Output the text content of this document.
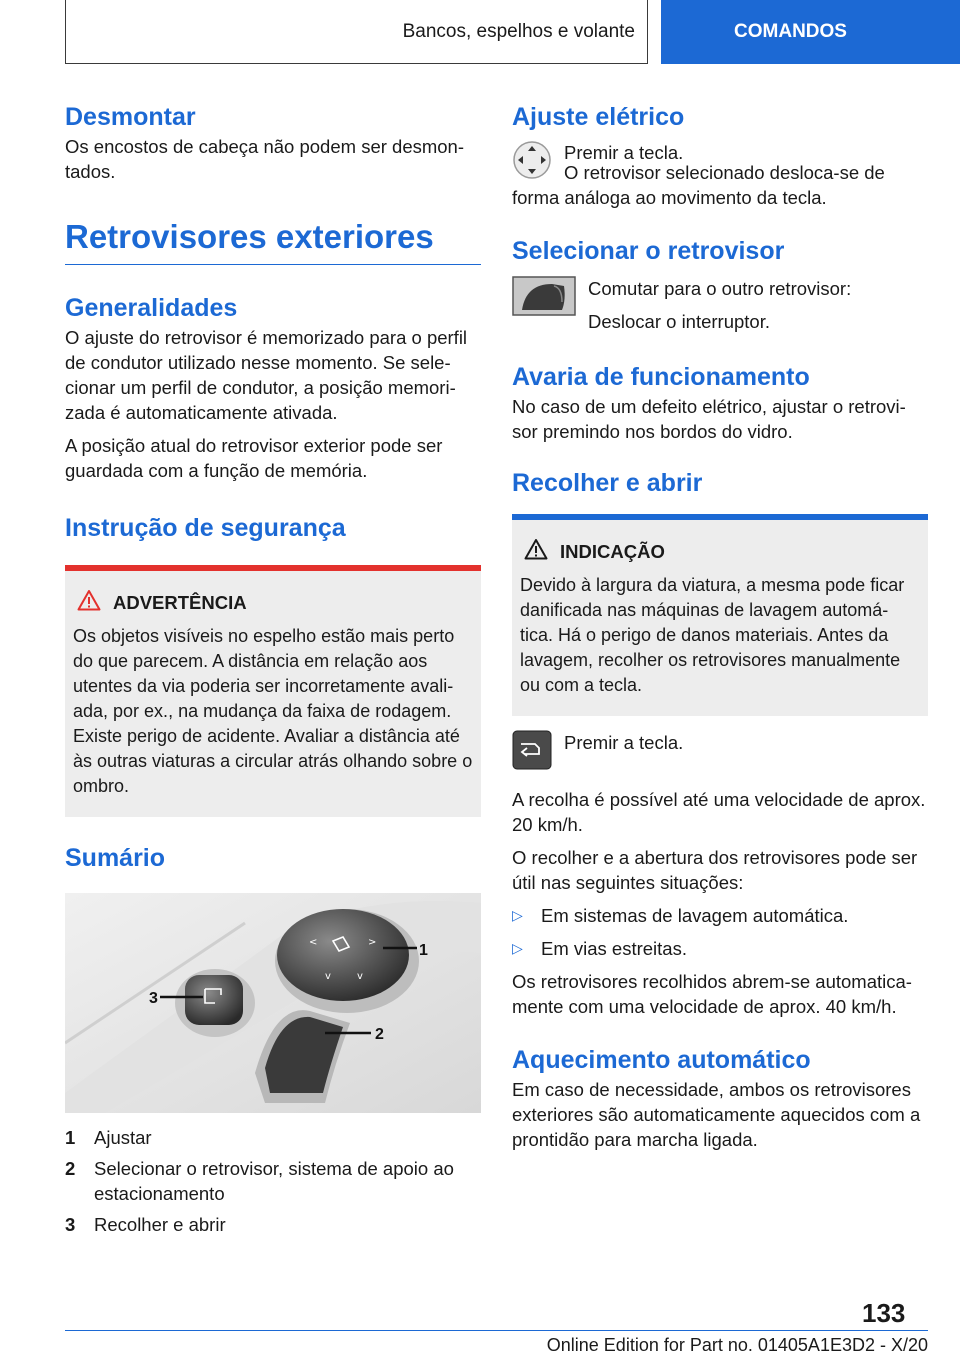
Bancos, espelhos e volante	COMANDOS
Desmontar

Os encostos de cabeça não podem ser desmon-tados.

Retrovisores exteriores
Generalidades

O ajuste do retrovisor é memorizado para o perfil de condutor utilizado nesse momento. Se sele-cionar um perfil de condutor, a posição memori-zada é automaticamente ativada.

A posição atual do retrovisor exterior pode ser guardada com a função de memória.

Instrução de segurança
ADVERTÊNCIA

Os objetos visíveis no espelho estão mais perto do que parecem. A distância em relação aos utentes da via poderia ser incorretamente avali-ada, por ex., na mudança da faixa de rodagem. Existe perigo de acidente. Avaliar a distância até às outras viaturas a circular atrás olhando sobre o ombro.

Sumário
<	>
v	v
1
2
3
1	Ajustar
2	Selecionar o retrovisor, sistema de apoio ao estacionamento
3	Recolher e abrir
Ajuste elétrico

Premir a tecla.

O retrovisor selecionado desloca-se de forma análoga ao movimento da tecla.

Selecionar o retrovisor

Comutar para o outro retrovisor:

Deslocar o interruptor.

Avaria de funcionamento

No caso de um defeito elétrico, ajustar o retrovi-sor premindo nos bordos do vidro.

Recolher e abrir
INDICAÇÃO

Devido à largura da viatura, a mesma pode ficar danificada nas máquinas de lavagem automá-tica. Há o perigo de danos materiais. Antes da lavagem, recolher os retrovisores manualmente ou com a tecla.

Premir a tecla.

A recolha é possível até uma velocidade de aprox. 20 km/h.

O recolher e a abertura dos retrovisores pode ser útil nas seguintes situações:

▷ Em sistemas de lavagem automática.
▷ Em vias estreitas.

Os retrovisores recolhidos abrem-se automatica-mente com uma velocidade de aprox. 40 km/h.

Aquecimento automático

Em caso de necessidade, ambos os retrovisores exteriores são automaticamente aquecidos com a prontidão para marcha ligada.

133
Online Edition for Part no. 01405A1E3D2 - X/20
